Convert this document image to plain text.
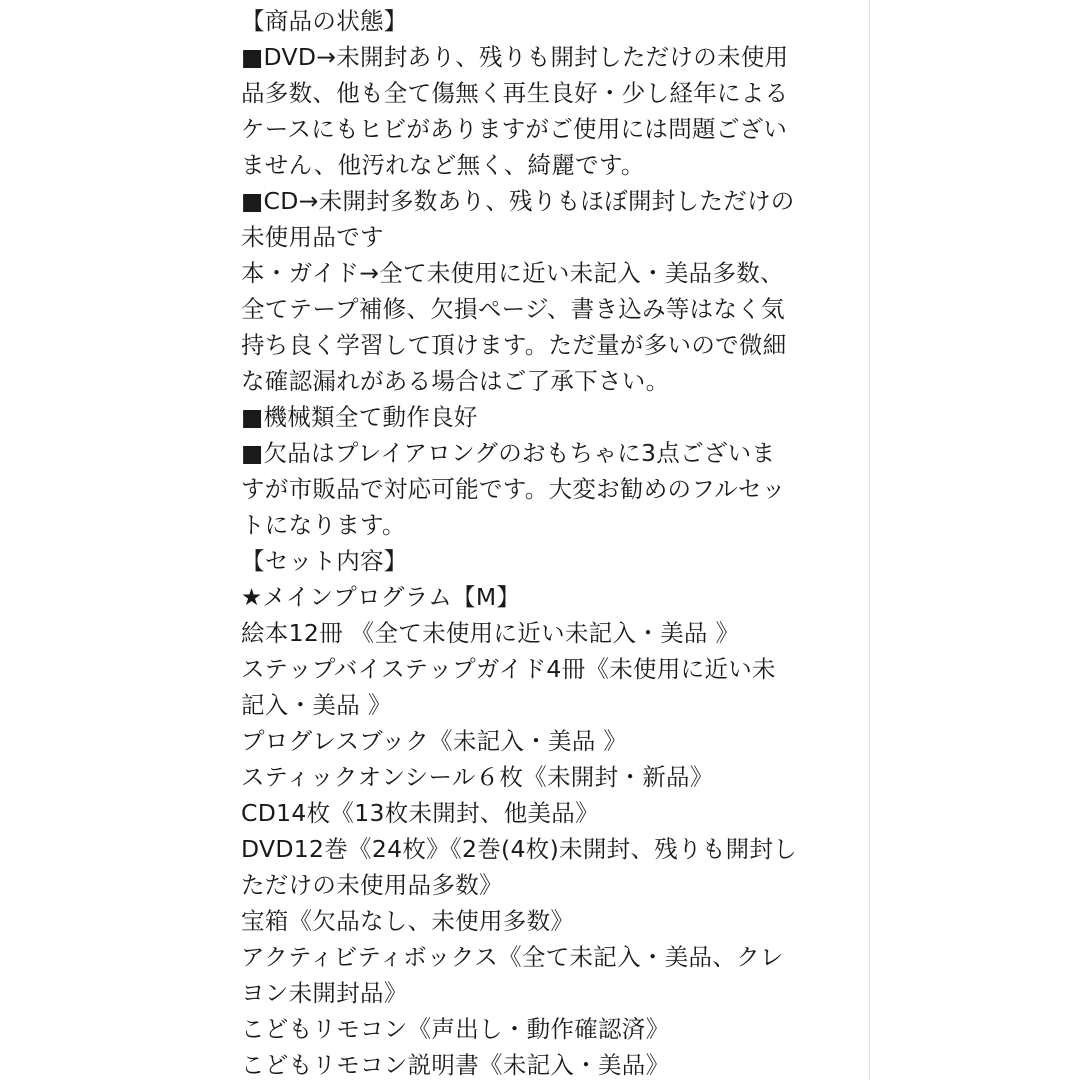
【商品の状態】
■DVD→未開封あり、残りも開封しただけの未使用
品多数、他も全て傷無く再生良好・少し経年による
ケースにもヒビがありますがご使用には問題ござい
ません、他汚れなど無く、綺麗です。
■CD→未開封多数あり、残りもほぼ開封しただけの
未使用品です
本・ガイド→全て未使用に近い未記入・美品多数、
全てテープ補修、欠損ページ、書き込み等はなく気
持ち良く学習して頂けます。ただ量が多いので微細
な確認漏れがある場合はご了承下さい。
■機械類全て動作良好
■欠品はプレイアロングのおもちゃに3点ございま
すが市販品で対応可能です。大変お勧めのフルセッ
トになります。
【セット内容】
★メインプログラム【M】
絵本12冊 《全て未使用に近い未記入・美品 》
ステップバイステップガイド4冊《未使用に近い未
記入・美品 》
プログレスブック《未記入・美品 》
スティックオンシール６枚《未開封・新品》
CD14枚《13枚未開封、他美品》
DVD12巻《24枚》《2巻(4枚)未開封、残りも開封し
ただけの未使用品多数》
宝箱《欠品なし、未使用多数》
アクティビティボックス《全て未記入・美品、クレ
ヨン未開封品》
こどもリモコン《声出し・動作確認済》
こどもリモコン説明書《未記入・美品》
